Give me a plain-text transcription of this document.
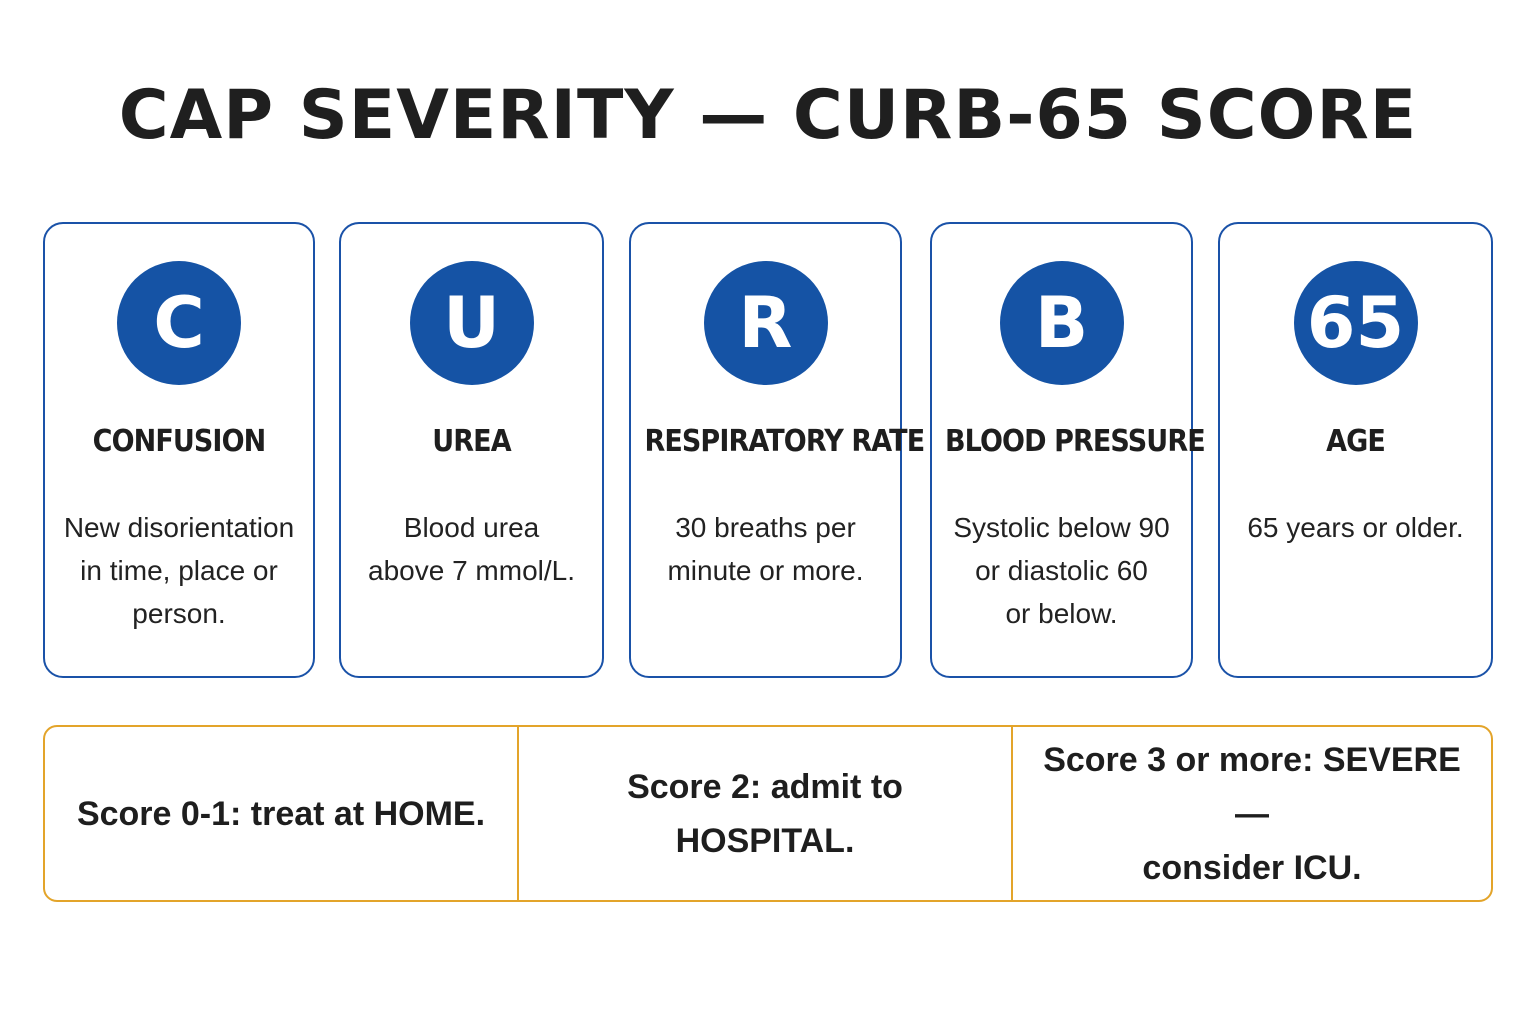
CAP SEVERITY — CURB-65 SCORE
C
CONFUSION
New disorientation
in time, place or
person.
U
UREA
Blood urea
above 7 mmol/L.
R
RESPIRATORY RATE
30 breaths per
minute or more.
B
BLOOD PRESSURE
Systolic below 90
or diastolic 60
or below.
65
AGE
65 years or older.
Score 0-1: treat at HOME.
Score 2: admit to HOSPITAL.
Score 3 or more: SEVERE —
consider ICU.
